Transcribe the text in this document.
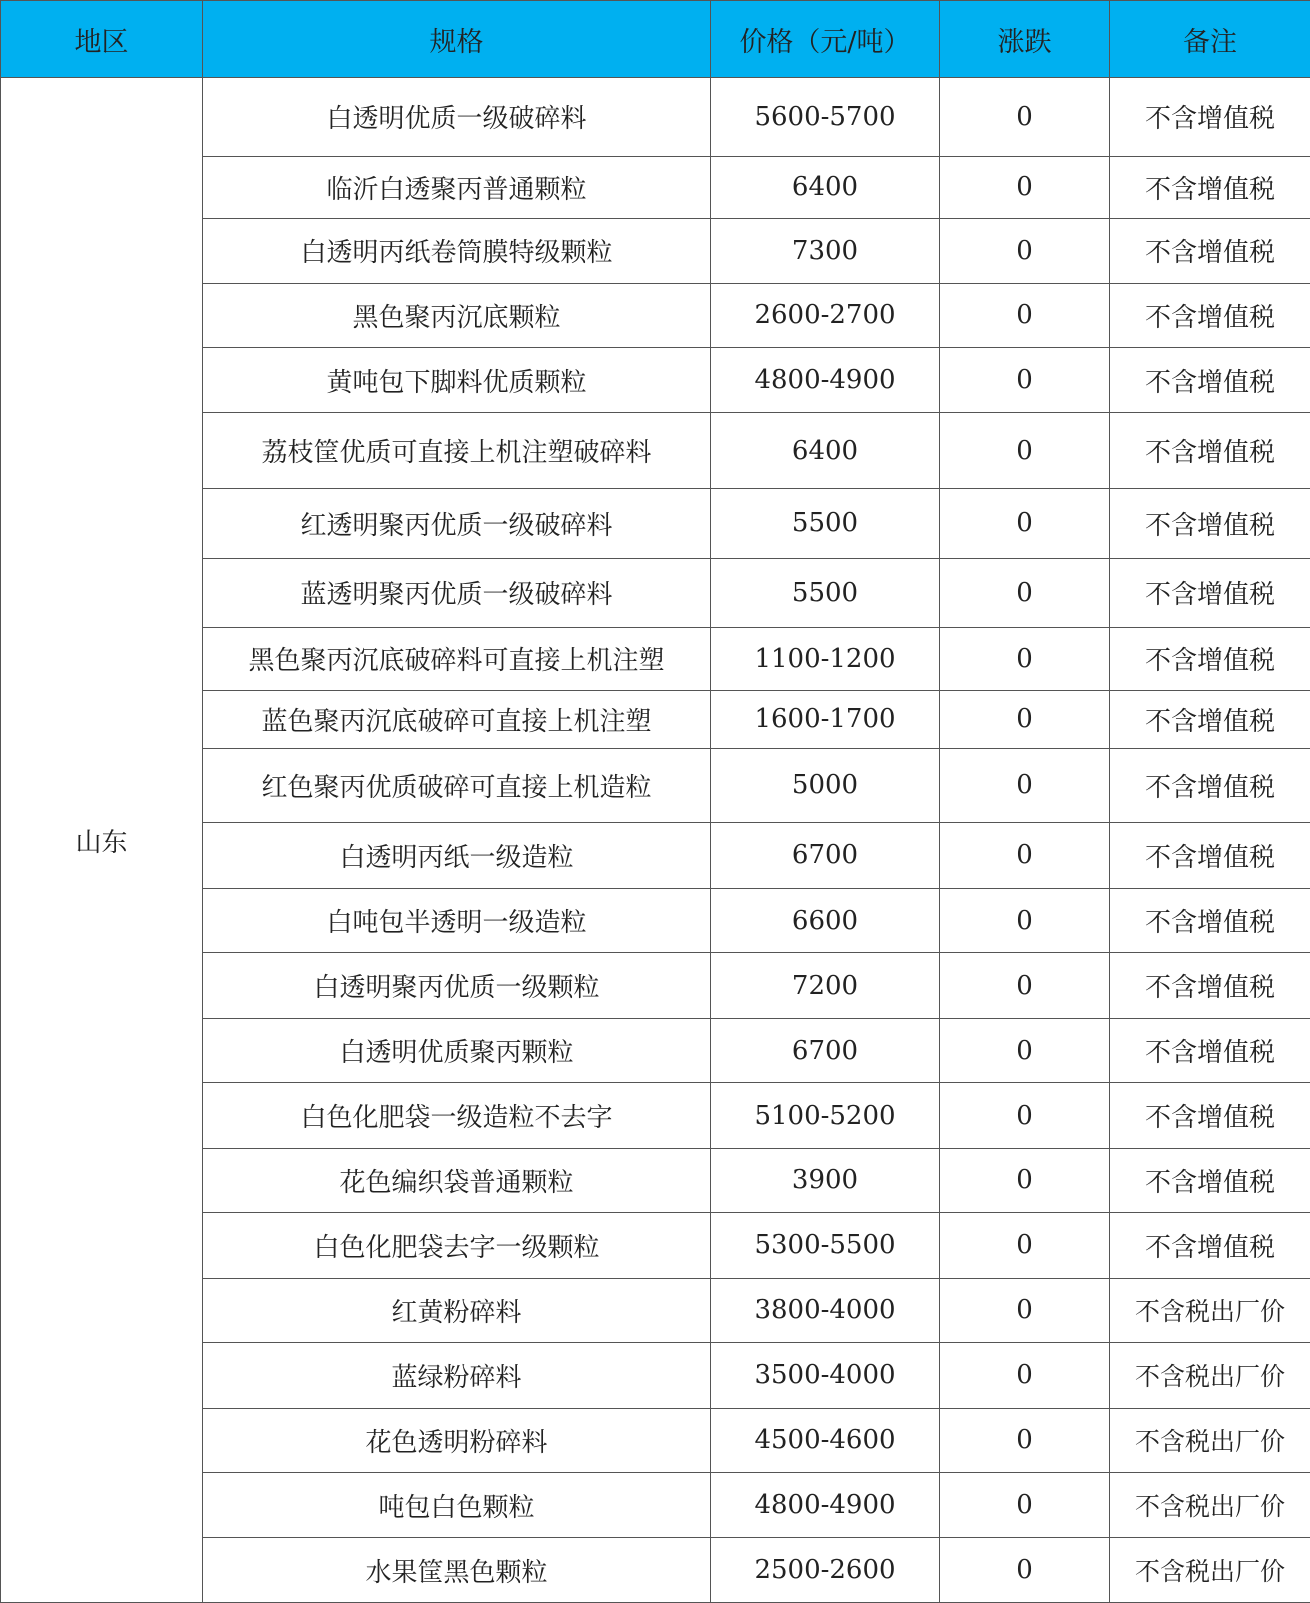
地区	规格	价格（元/吨）	涨跌	备注
山东	白透明优质一级破碎料	5600-5700	0	不含增值税
	临沂白透聚丙普通颗粒	6400	0	不含增值税
	白透明丙纸卷筒膜特级颗粒	7300	0	不含增值税
	黑色聚丙沉底颗粒	2600-2700	0	不含增值税
	黄吨包下脚料优质颗粒	4800-4900	0	不含增值税
	荔枝筐优质可直接上机注塑破碎料	6400	0	不含增值税
	红透明聚丙优质一级破碎料	5500	0	不含增值税
	蓝透明聚丙优质一级破碎料	5500	0	不含增值税
	黑色聚丙沉底破碎料可直接上机注塑	1100-1200	0	不含增值税
	蓝色聚丙沉底破碎可直接上机注塑	1600-1700	0	不含增值税
	红色聚丙优质破碎可直接上机造粒	5000	0	不含增值税
	白透明丙纸一级造粒	6700	0	不含增值税
	白吨包半透明一级造粒	6600	0	不含增值税
	白透明聚丙优质一级颗粒	7200	0	不含增值税
	白透明优质聚丙颗粒	6700	0	不含增值税
	白色化肥袋一级造粒不去字	5100-5200	0	不含增值税
	花色编织袋普通颗粒	3900	0	不含增值税
	白色化肥袋去字一级颗粒	5300-5500	0	不含增值税
	红黄粉碎料	3800-4000	0	不含税出厂价
	蓝绿粉碎料	3500-4000	0	不含税出厂价
	花色透明粉碎料	4500-4600	0	不含税出厂价
	吨包白色颗粒	4800-4900	0	不含税出厂价
	水果筐黑色颗粒	2500-2600	0	不含税出厂价
